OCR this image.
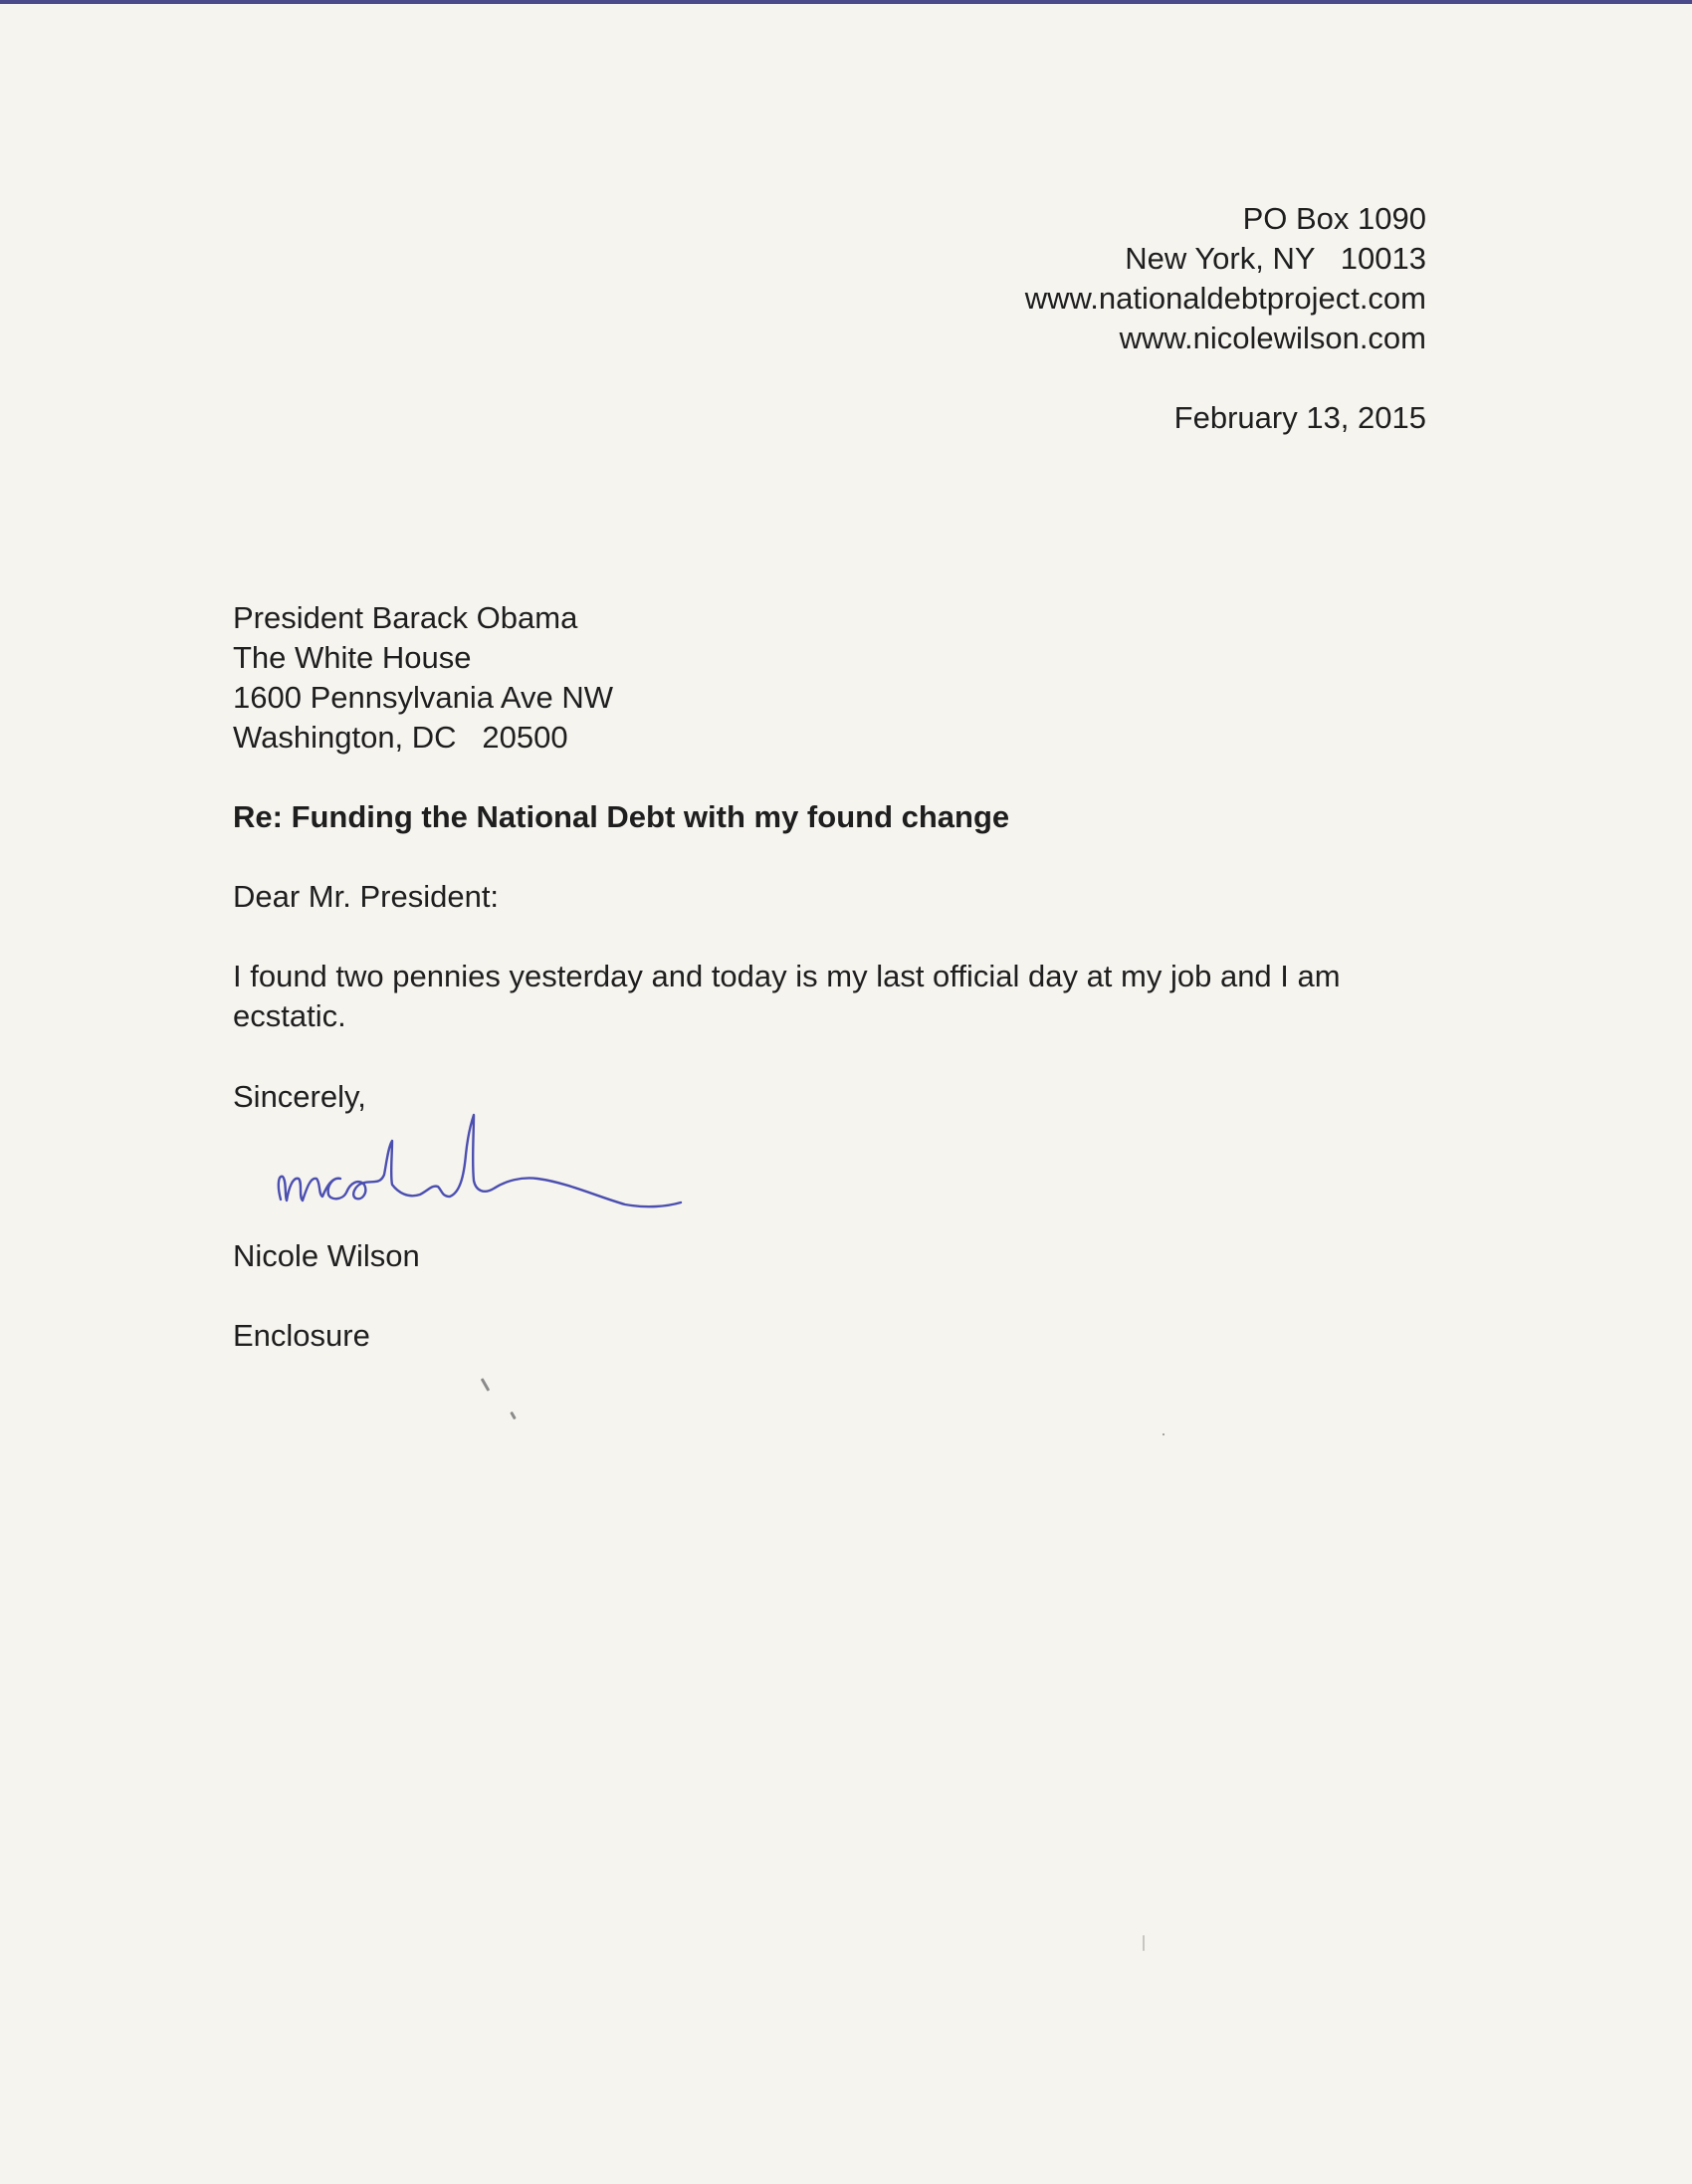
PO Box 1090
New York, NY   10013
www.nationaldebtproject.com
www.nicolewilson.com
February 13, 2015
President Barack Obama
The White House
1600 Pennsylvania Ave NW
Washington, DC   20500
Re: Funding the National Debt with my found change
Dear Mr. President:
I found two pennies yesterday and today is my last official day at my job and I am ecstatic.
Sincerely,
Nicole Wilson
Enclosure
